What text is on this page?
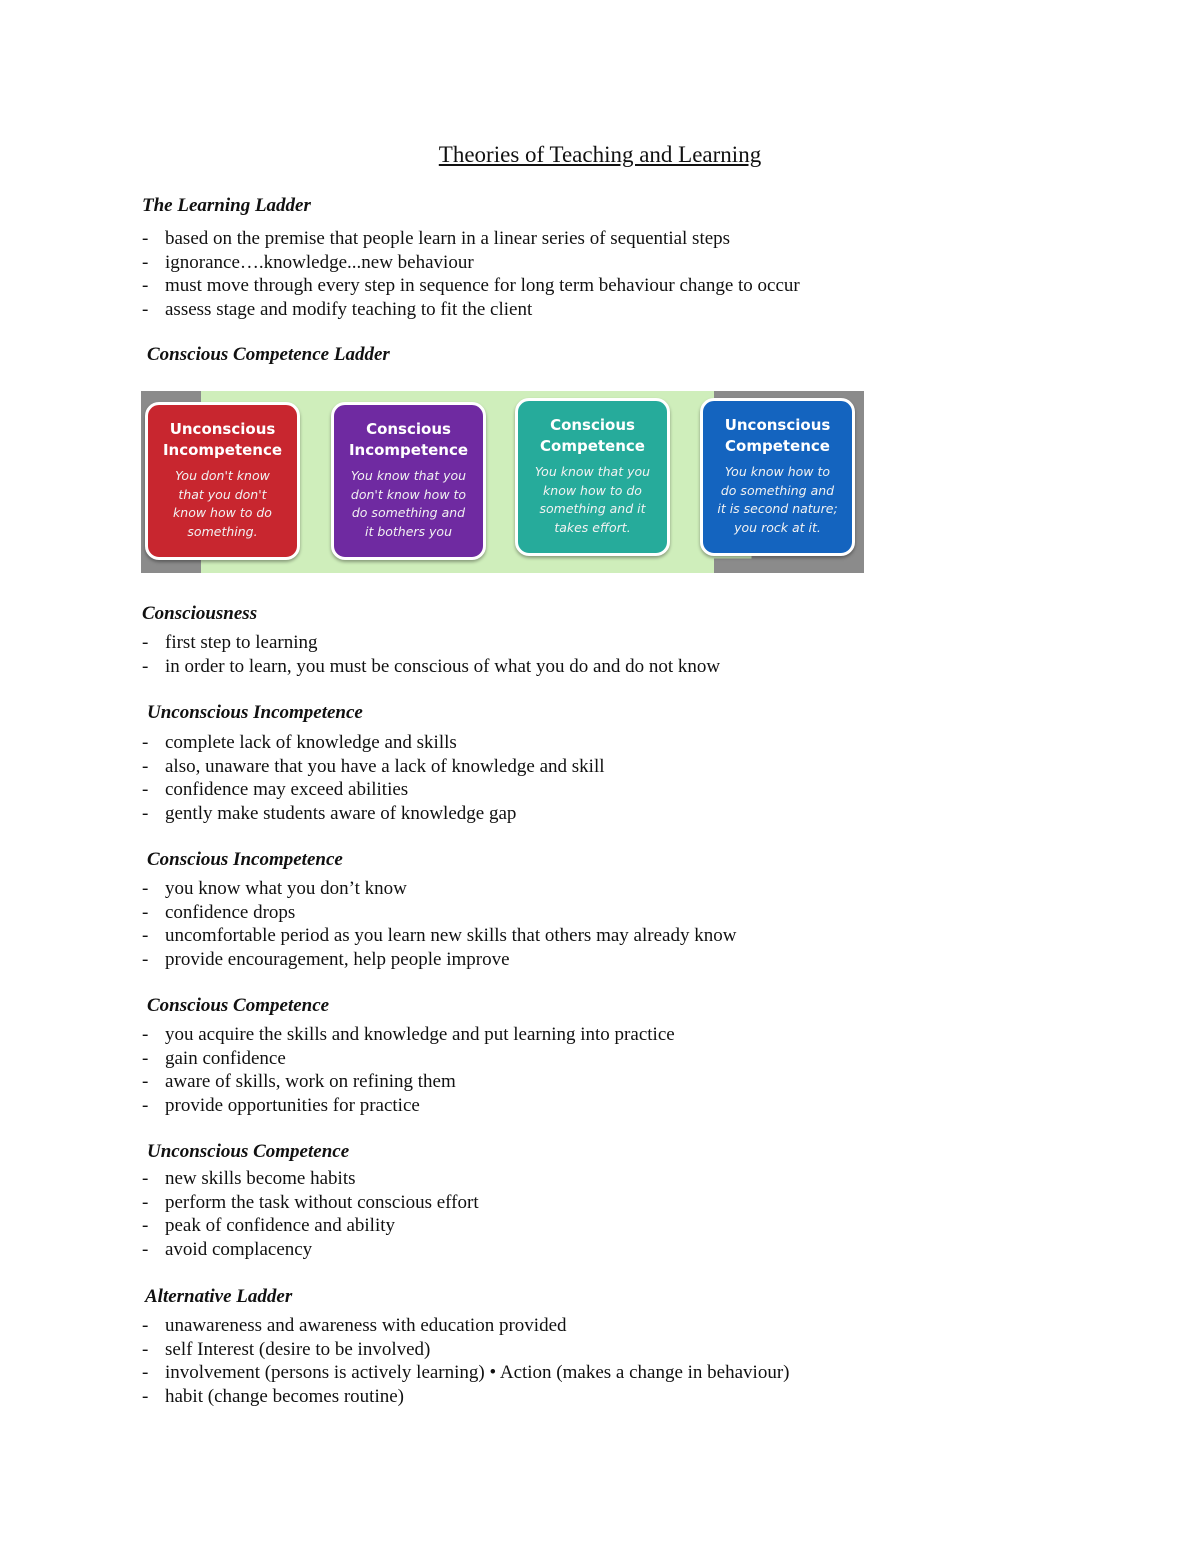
Theories of Teaching and Learning
The Learning Ladder
- based on the premise that people learn in a linear series of sequential steps
- ignorance….knowledge...new behaviour
- must move through every step in sequence for long term behaviour change to occur
- assess stage and modify teaching to fit the client
Conscious Competence Ladder
Unconscious
Incompetence
You don't know
that you don't
know how to do
something.
Conscious
Incompetence
You know that you
don't know how to
do something and
it bothers you
Conscious
Competence
You know that you
know how to do
something and it
takes effort.
Unconscious
Competence
You know how to
do something and
it is second nature;
you rock at it.
Consciousness
- first step to learning
- in order to learn, you must be conscious of what you do and do not know
Unconscious Incompetence
- complete lack of knowledge and skills
- also, unaware that you have a lack of knowledge and skill
- confidence may exceed abilities
- gently make students aware of knowledge gap
Conscious Incompetence
- you know what you don’t know
- confidence drops
- uncomfortable period as you learn new skills that others may already know
- provide encouragement, help people improve
Conscious Competence
- you acquire the skills and knowledge and put learning into practice
- gain confidence
- aware of skills, work on refining them
- provide opportunities for practice
Unconscious Competence
- new skills become habits
- perform the task without conscious effort
- peak of confidence and ability
- avoid complacency
Alternative Ladder
- unawareness and awareness with education provided
- self Interest (desire to be involved)
- involvement (persons is actively learning) • Action (makes a change in behaviour)
- habit (change becomes routine)
